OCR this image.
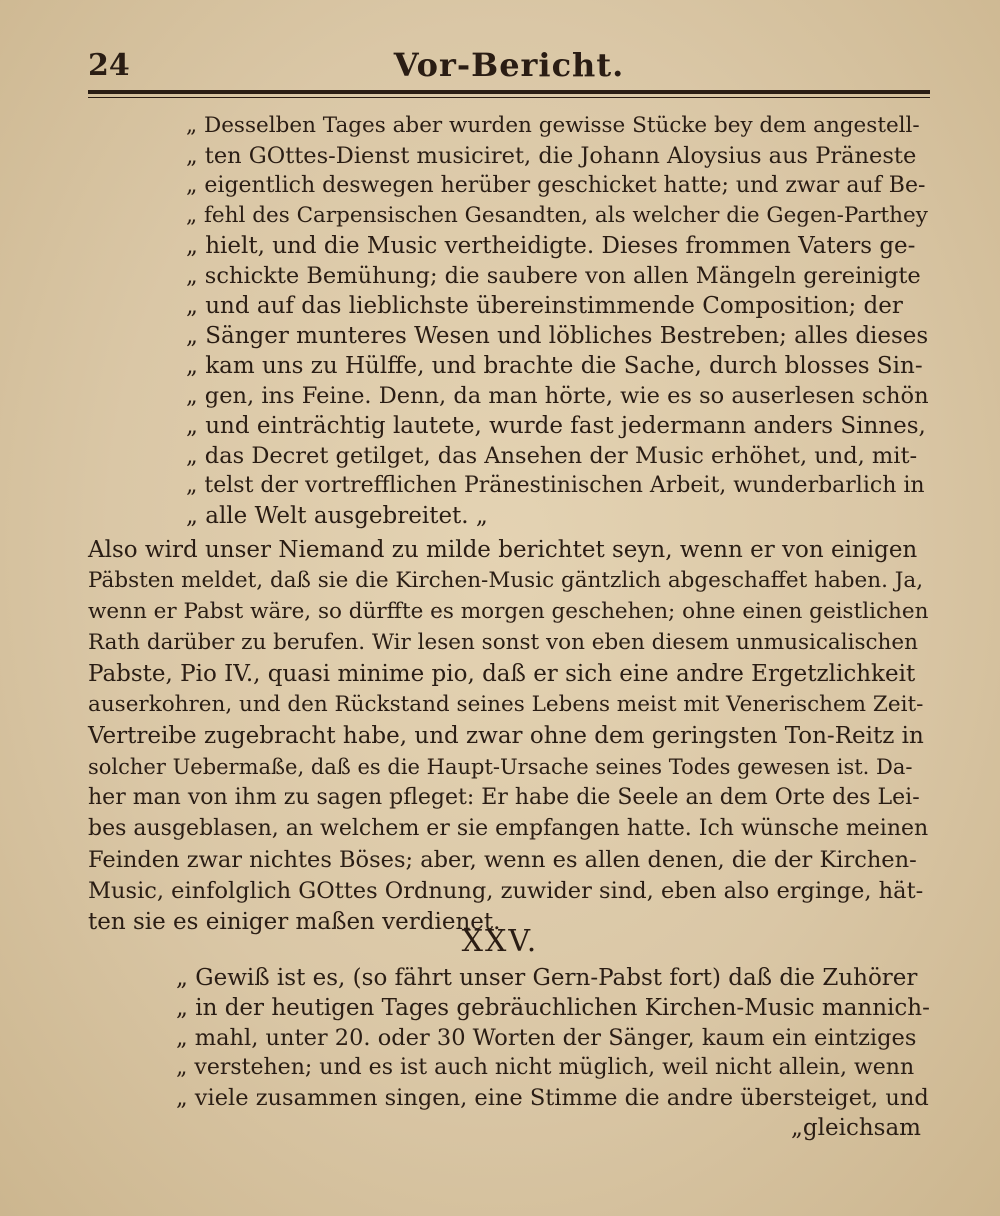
24	Vor-Bericht.
„ Desselben Tages aber wurden gewisse Stücke bey dem angestell-
„ ten GOttes-Dienst musiciret, die Johann Aloysius aus Präneste
„ eigentlich deswegen herüber geschicket hatte; und zwar auf Be-
„ fehl des Carpensischen Gesandten, als welcher die Gegen-Parthey
„ hielt, und die Music vertheidigte. Dieses frommen Vaters ge-
„ schickte Bemühung; die saubere von allen Mängeln gereinigte
„ und auf das lieblichste übereinstimmende Composition; der
„ Sänger munteres Wesen und löbliches Bestreben; alles dieses
„ kam uns zu Hülffe, und brachte die Sache, durch blosses Sin-
„ gen, ins Feine. Denn, da man hörte, wie es so auserlesen schön
„ und einträchtig lautete, wurde fast jedermann anders Sinnes,
„ das Decret getilget, das Ansehen der Music erhöhet, und, mit-
„ telst der vortrefflichen Pränestinischen Arbeit, wunderbarlich in
„ alle Welt ausgebreitet. „
Also wird unser Niemand zu milde berichtet seyn, wenn er von einigen
Päbsten meldet, daß sie die Kirchen-Music gäntzlich abgeschaffet haben. Ja,
wenn er Pabst wäre, so dürffte es morgen geschehen; ohne einen geistlichen
Rath darüber zu berufen. Wir lesen sonst von eben diesem unmusicalischen
Pabste, Pio IV., quasi minime pio, daß er sich eine andre Ergetzlichkeit
auserkohren, und den Rückstand seines Lebens meist mit Venerischem Zeit-
Vertreibe zugebracht habe, und zwar ohne dem geringsten Ton-Reitz in
solcher Uebermaße, daß es die Haupt-Ursache seines Todes gewesen ist. Da-
her man von ihm zu sagen pfleget: Er habe die Seele an dem Orte des Lei-
bes ausgeblasen, an welchem er sie empfangen hatte. Ich wünsche meinen
Feinden zwar nichtes Böses; aber, wenn es allen denen, die der Kirchen-
Music, einfolglich GOttes Ordnung, zuwider sind, eben also erginge, hät-
ten sie es einiger maßen verdienet.
XXV.
„ Gewiß ist es, (so fährt unser Gern-Pabst fort) daß die Zuhörer
„ in der heutigen Tages gebräuchlichen Kirchen-Music mannich-
„ mahl, unter 20. oder 30 Worten der Sänger, kaum ein eintziges
„ verstehen; und es ist auch nicht müglich, weil nicht allein, wenn
„ viele zusammen singen, eine Stimme die andre übersteiget, und
„gleichsam
